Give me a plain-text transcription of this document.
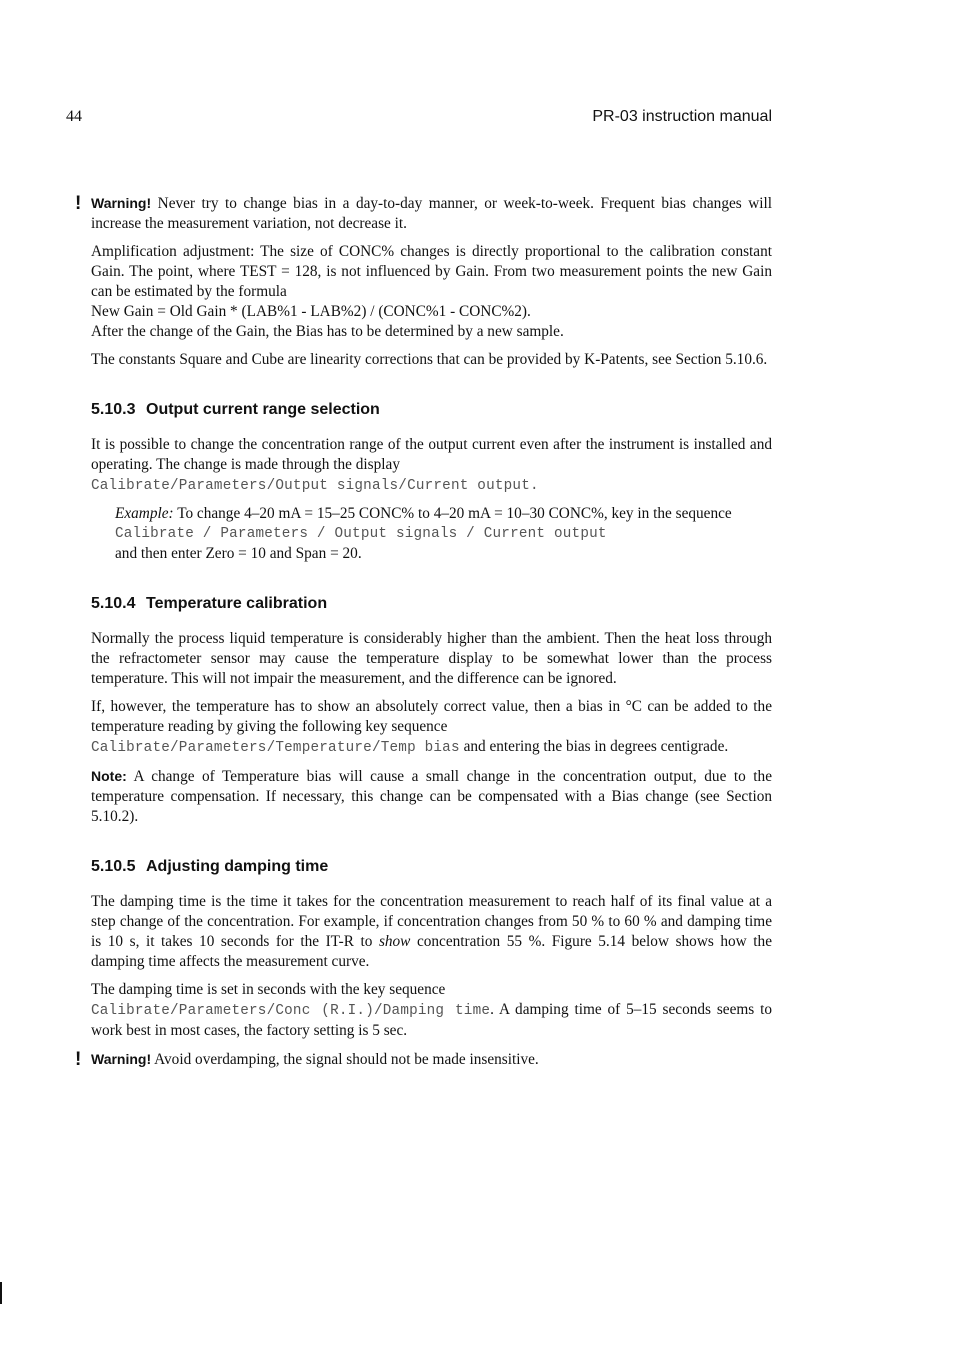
44	PR-03 instruction manual

! Warning! Never try to change bias in a day-to-day manner, or week-to-week. Frequent bias changes will increase the measurement variation, not decrease it.

Amplification adjustment: The size of CONC% changes is directly proportional to the calibration constant Gain. The point, where TEST = 128, is not influenced by Gain. From two measurement points the new Gain can be estimated by the formula
New Gain = Old Gain * (LAB%1 - LAB%2) / (CONC%1 - CONC%2).
After the change of the Gain, the Bias has to be determined by a new sample.

The constants Square and Cube are linearity corrections that can be provided by K-Patents, see Section 5.10.6.

5.10.3 Output current range selection

It is possible to change the concentration range of the output current even after the instrument is installed and operating. The change is made through the display
Calibrate/Parameters/Output signals/Current output.

Example: To change 4–20 mA = 15–25 CONC% to 4–20 mA = 10–30 CONC%, key in the sequence
Calibrate / Parameters / Output signals / Current output
and then enter Zero = 10 and Span = 20.

5.10.4 Temperature calibration

Normally the process liquid temperature is considerably higher than the ambient. Then the heat loss through the refractometer sensor may cause the temperature display to be somewhat lower than the process temperature. This will not impair the measurement, and the difference can be ignored.

If, however, the temperature has to show an absolutely correct value, then a bias in °C can be added to the temperature reading by giving the following key sequence
Calibrate/Parameters/Temperature/Temp bias and entering the bias in degrees centigrade.

Note: A change of Temperature bias will cause a small change in the concentration output, due to the temperature compensation. If necessary, this change can be compensated with a Bias change (see Section 5.10.2).

5.10.5 Adjusting damping time

The damping time is the time it takes for the concentration measurement to reach half of its final value at a step change of the concentration. For example, if concentration changes from 50 % to 60 % and damping time is 10 s, it takes 10 seconds for the IT-R to show concentration 55 %. Figure 5.14 below shows how the damping time affects the measurement curve.

The damping time is set in seconds with the key sequence
Calibrate/Parameters/Conc (R.I.)/Damping time. A damping time of 5–15 seconds seems to work best in most cases, the factory setting is 5 sec.

! Warning! Avoid overdamping, the signal should not be made insensitive.
